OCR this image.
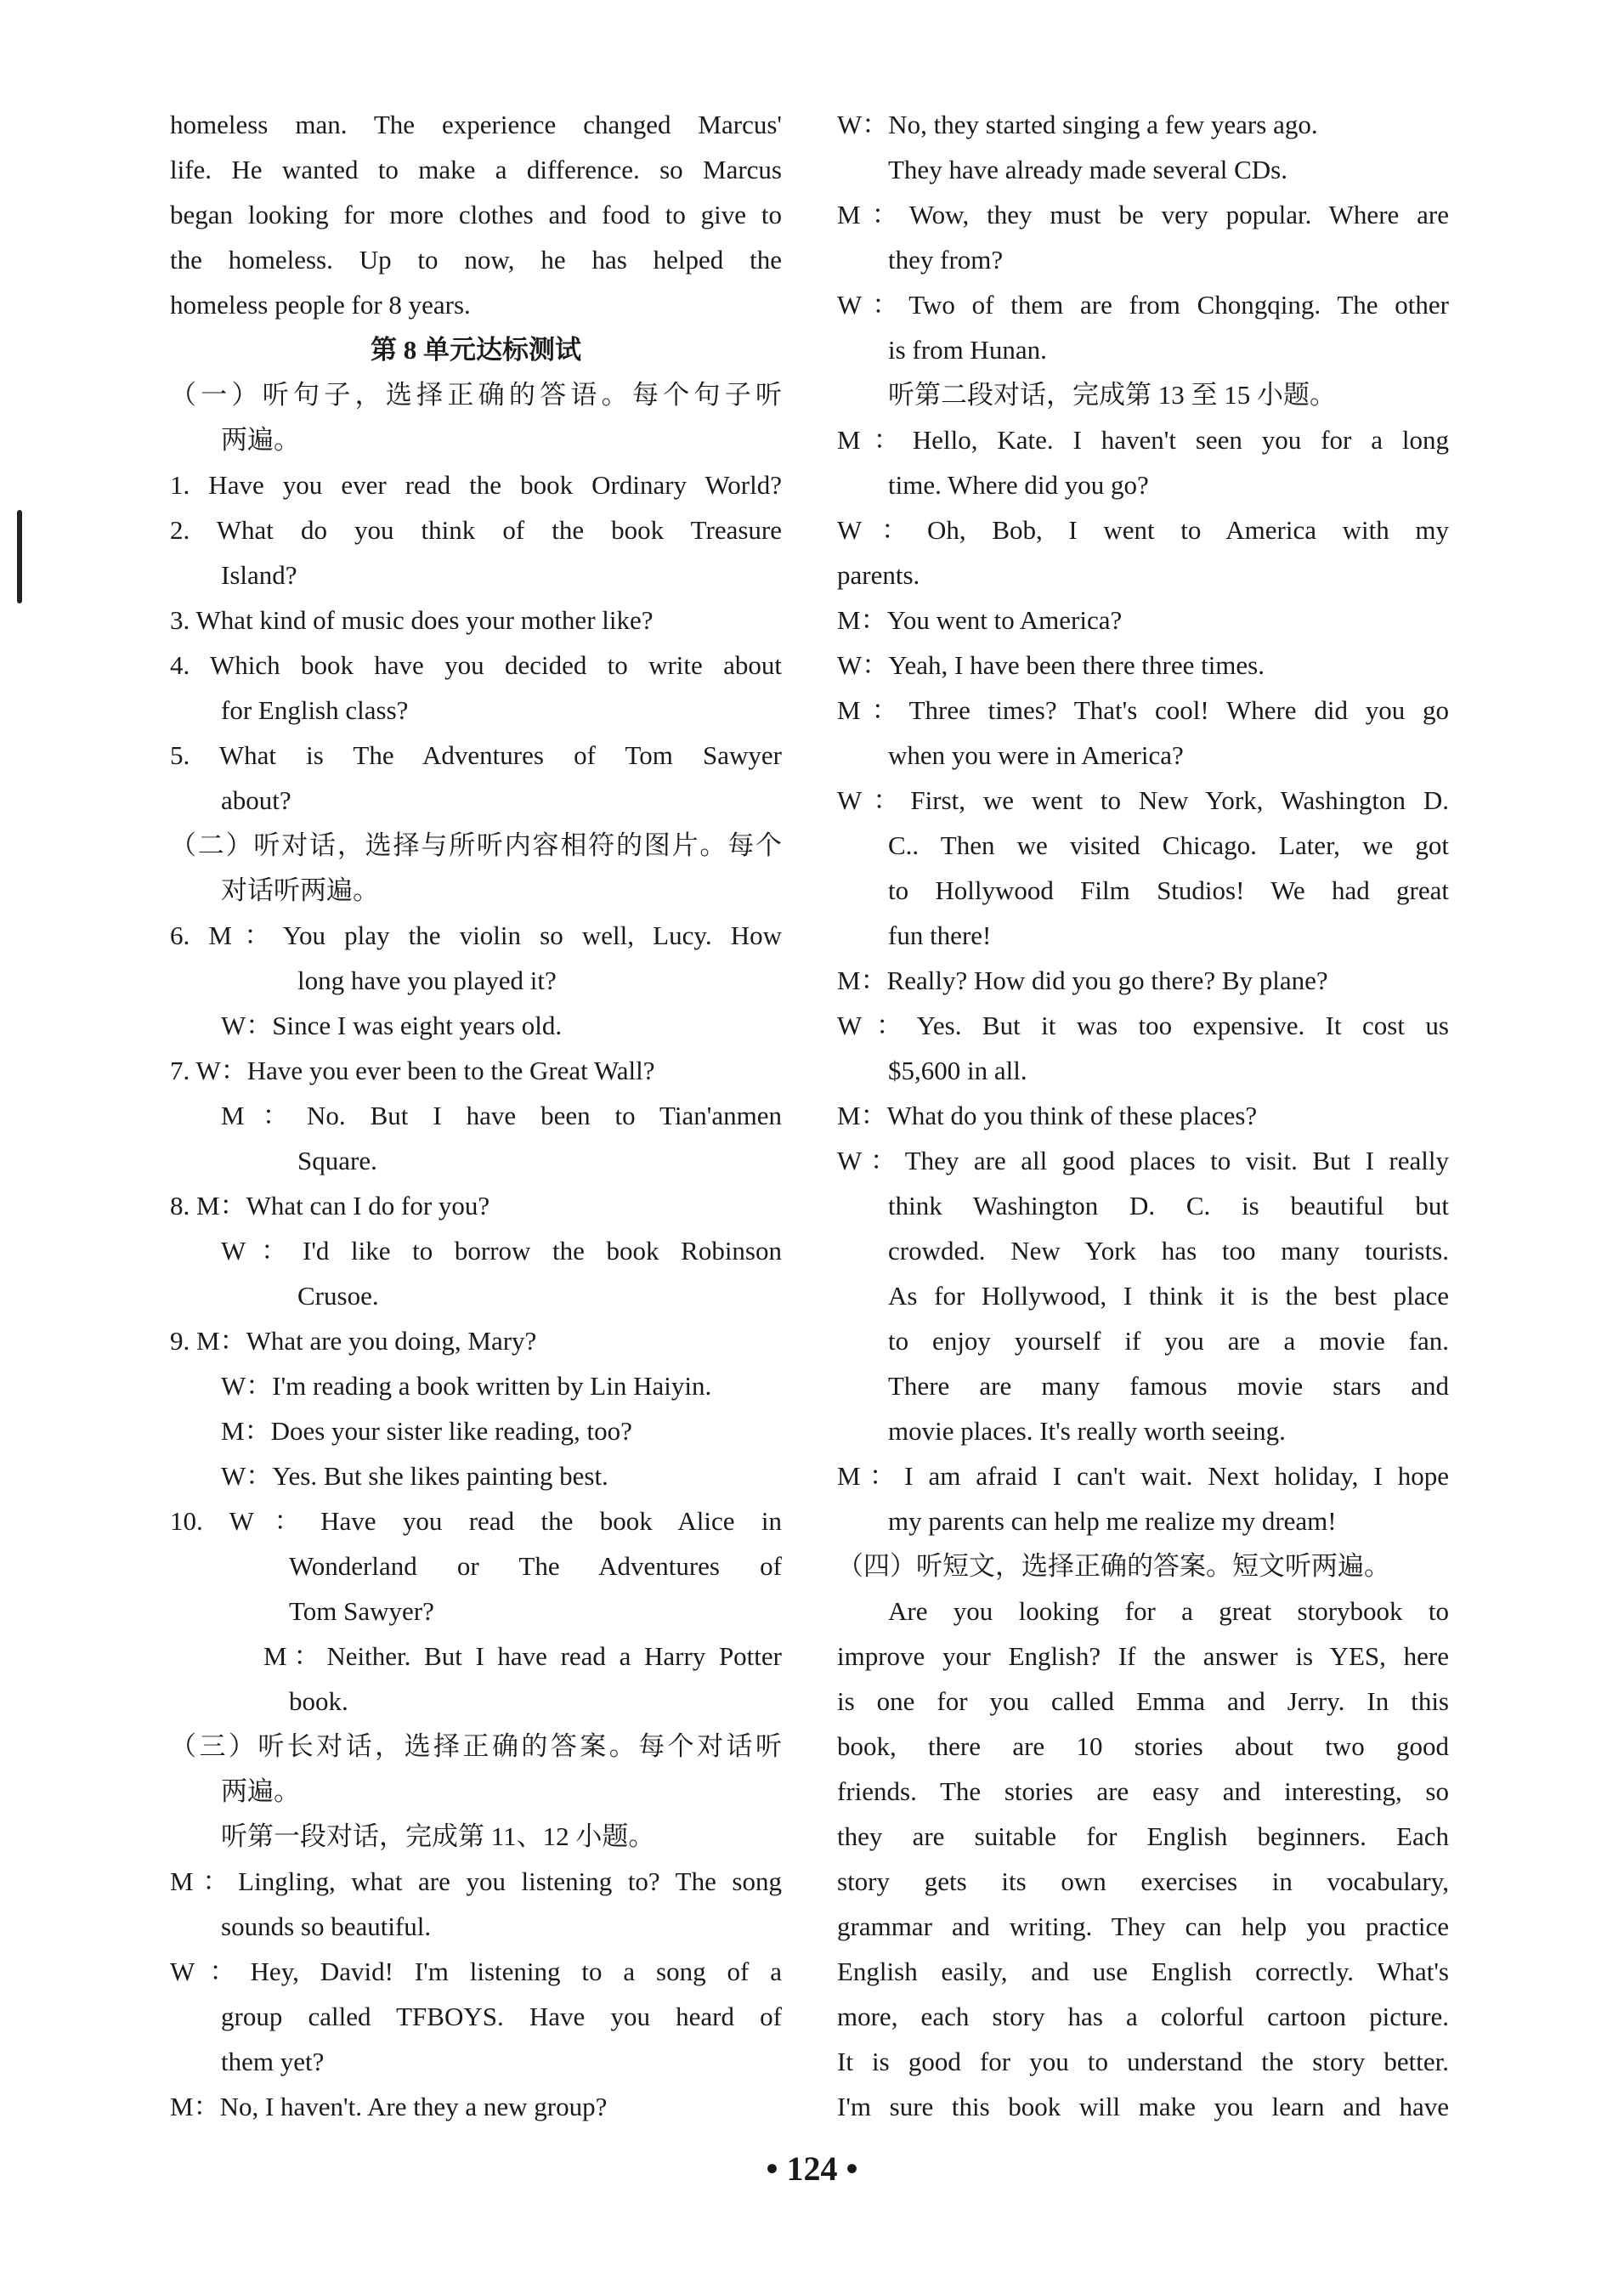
homeless man. The experience changed Marcus'
life. He wanted to make a difference. so Marcus
began looking for more clothes and food to give to
the homeless. Up to now, he has helped the
homeless people for 8 years.
第 8 单元达标测试
（一）听句子，选择正确的答语。每个句子听
两遍。
1. Have you ever read the book Ordinary World?
2. What do you think of the book Treasure
Island?
3. What kind of music does your mother like?
4. Which book have you decided to write about
for English class?
5. What is The Adventures of Tom Sawyer
about?
（二）听对话，选择与所听内容相符的图片。每个
对话听两遍。
6. M：You play the violin so well, Lucy. How
long have you played it?
W：Since I was eight years old.
7. W：Have you ever been to the Great Wall?
M：No. But I have been to Tian'anmen
Square.
8. M：What can I do for you?
W：I'd like to borrow the book Robinson
Crusoe.
9. M：What are you doing, Mary?
W：I'm reading a book written by Lin Haiyin.
M：Does your sister like reading, too?
W：Yes. But she likes painting best.
10. W：Have you read the book Alice in
Wonderland or The Adventures of
Tom Sawyer?
M：Neither. But I have read a Harry Potter
book.
（三）听长对话，选择正确的答案。每个对话听
两遍。
听第一段对话，完成第 11、12 小题。
M：Lingling, what are you listening to? The song
sounds so beautiful.
W：Hey, David! I'm listening to a song of a
group called TFBOYS. Have you heard of
them yet?
M：No, I haven't. Are they a new group?
W：No, they started singing a few years ago.
They have already made several CDs.
M：Wow, they must be very popular. Where are
they from?
W：Two of them are from Chongqing. The other
is from Hunan.
听第二段对话，完成第 13 至 15 小题。
M：Hello, Kate. I haven't seen you for a long
time. Where did you go?
W：Oh, Bob, I went to America with my
parents.
M：You went to America?
W：Yeah, I have been there three times.
M：Three times? That's cool! Where did you go
when you were in America?
W：First, we went to New York, Washington D.
C.. Then we visited Chicago. Later, we got
to Hollywood Film Studios! We had great
fun there!
M：Really? How did you go there? By plane?
W：Yes. But it was too expensive. It cost us
$5,600 in all.
M：What do you think of these places?
W：They are all good places to visit. But I really
think Washington D. C. is beautiful but
crowded. New York has too many tourists.
As for Hollywood, I think it is the best place
to enjoy yourself if you are a movie fan.
There are many famous movie stars and
movie places. It's really worth seeing.
M：I am afraid I can't wait. Next holiday, I hope
my parents can help me realize my dream!
（四）听短文，选择正确的答案。短文听两遍。
Are you looking for a great storybook to
improve your English? If the answer is YES, here
is one for you called Emma and Jerry. In this
book, there are 10 stories about two good
friends. The stories are easy and interesting, so
they are suitable for English beginners. Each
story gets its own exercises in vocabulary,
grammar and writing. They can help you practice
English easily, and use English correctly. What's
more, each story has a colorful cartoon picture.
It is good for you to understand the story better.
I'm sure this book will make you learn and have
• 124 •
